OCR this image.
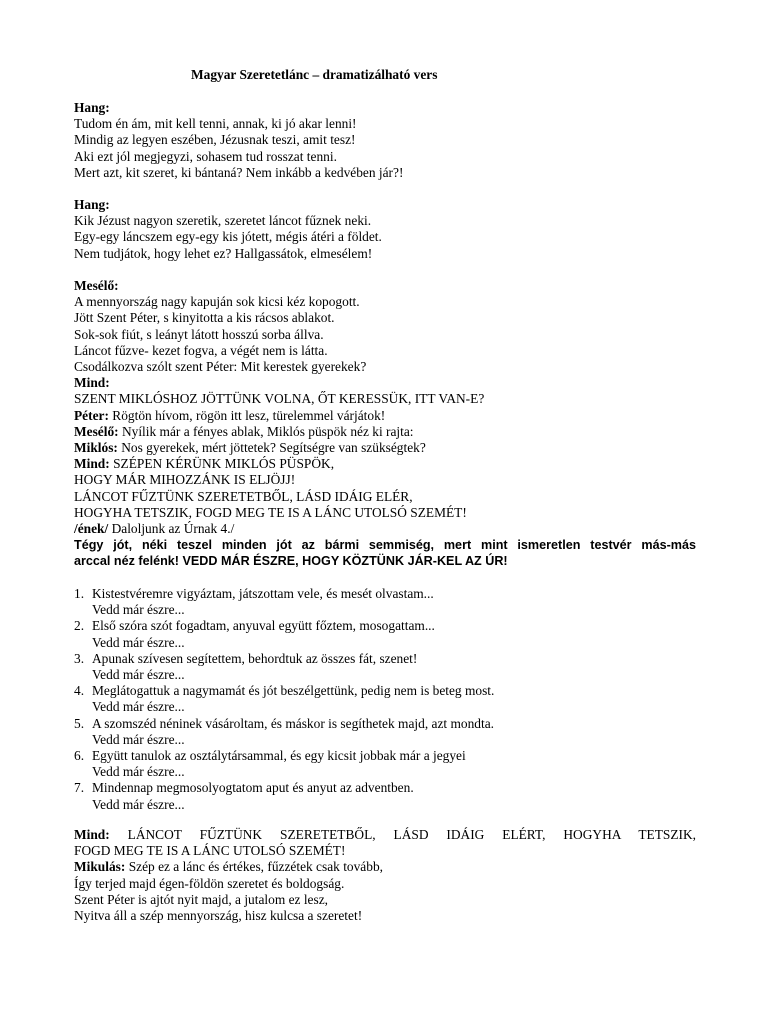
Magyar Szeretetlánc – dramatizálható vers
Hang:
Tudom én ám, mit kell tenni, annak, ki jó akar lenni!
Mindig az legyen eszében, Jézusnak teszi, amit tesz!
Aki ezt jól megjegyzi, sohasem tud rosszat tenni.
Mert azt, kit szeret, ki bántaná? Nem inkább a kedvében jár?!
Hang:
Kik Jézust nagyon szeretik, szeretet láncot fűznek neki.
Egy-egy láncszem egy-egy kis jótett, mégis átéri a földet.
Nem tudjátok, hogy lehet ez? Hallgassátok, elmesélem!
Mesélő:
A mennyország nagy kapuján sok kicsi kéz kopogott.
Jött Szent Péter, s kinyitotta a kis rácsos ablakot.
Sok-sok fiút, s leányt látott hosszú sorba állva.
Láncot fűzve- kezet fogva, a végét nem is látta.
Csodálkozva szólt szent Péter: Mit kerestek gyerekek?
Mind:
SZENT MIKLÓSHOZ JÖTTÜNK VOLNA, ŐT KERESSÜK, ITT VAN-E?
Péter: Rögtön hívom, rögön itt lesz, türelemmel várjátok!
Mesélő: Nyílik már a fényes ablak, Miklós püspök néz ki rajta:
Miklós: Nos gyerekek, mért jöttetek? Segítségre van szükségtek?
Mind: SZÉPEN KÉRÜNK MIKLÓS PÜSPÖK,
HOGY MÁR MIHOZZÁNK IS ELJÖJJ!
LÁNCOT FŰZTÜNK SZERETETBŐL, LÁSD IDÁIG ELÉR,
HOGYHA TETSZIK, FOGD MEG TE IS A LÁNC UTOLSÓ SZEMÉT!
/ének/ Daloljunk az Úrnak 4./
Tégy jót, néki teszel minden jót az bármi semmiség, mert mint ismeretlen testvér más-más
arccal néz felénk! VEDD MÁR ÉSZRE, HOGY KÖZTÜNK JÁR-KEL AZ ÚR!
1. Kistestvéremre vigyáztam, játszottam vele, és mesét olvastam...
Vedd már észre...
2. Első szóra szót fogadtam, anyuval együtt főztem, mosogattam...
Vedd már észre...
3. Apunak szívesen segítettem, behordtuk az összes fát, szenet!
Vedd már észre...
4. Meglátogattuk a nagymamát és jót beszélgettünk, pedig nem is beteg most.
Vedd már észre...
5. A szomszéd néninek vásároltam, és máskor is segíthetek majd, azt mondta.
Vedd már észre...
6. Együtt tanulok az osztálytársammal, és egy kicsit jobbak már a jegyei
Vedd már észre...
7. Mindennap megmosolyogtatom aput és anyut az adventben.
Vedd már észre...
Mind: LÁNCOT FŰZTÜNK SZERETETBŐL, LÁSD IDÁIG ELÉRT, HOGYHA TETSZIK,
FOGD MEG TE IS A LÁNC UTOLSÓ SZEMÉT!
Mikulás: Szép ez a lánc és értékes, fűzzétek csak tovább,
Így terjed majd égen-földön szeretet és boldogság.
Szent Péter is ajtót nyit majd, a jutalom ez lesz,
Nyitva áll a szép mennyország, hisz kulcsa a szeretet!
